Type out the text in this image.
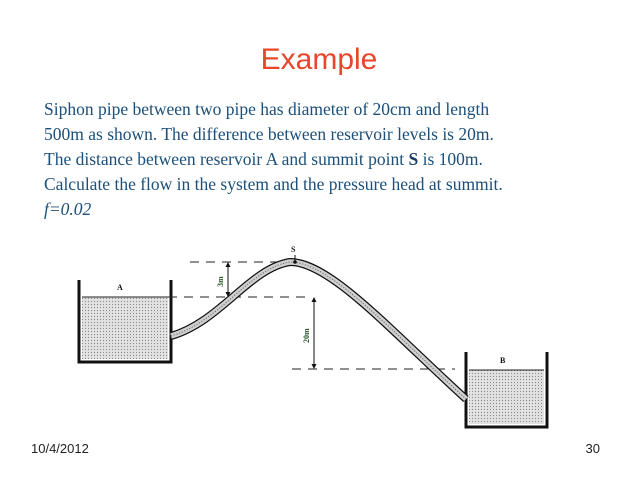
Example
Siphon pipe between two pipe has diameter of 20cm and length
500m as shown. The difference between reservoir levels is 20m.
The distance between reservoir A and summit point S is 100m.
Calculate the flow in the system and the pressure head at summit.
f=0.02
S
A
B
3m
20m
10/4/2012	30
